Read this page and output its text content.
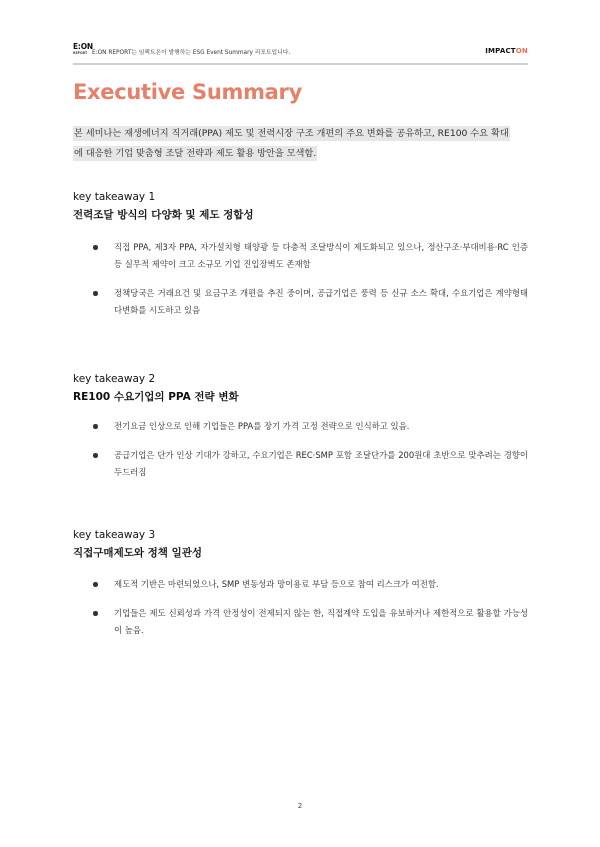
E:ON
REPORT E:ON REPORT는 임팩트온이 발행하는 ESG Event Summary 리포트입니다.	IMPACTON
Executive Summary

본 세미나는 재생에너지 직거래(PPA) 제도 및 전력시장 구조 개편의 주요 변화를 공유하고, RE100 수요 확대에 대응한 기업 맞춤형 조달 전략과 제도 활용 방안을 모색함.

key takeaway 1

전력조달 방식의 다양화 및 제도 정합성

직접 PPA, 제3자 PPA, 자가설치형 태양광 등 다층적 조달방식이 제도화되고 있으나, 정산구조·부대비용·RC 인증 등 실무적 제약이 크고 소규모 기업 진입장벽도 존재함
정책당국은 거래요건 및 요금구조 개편을 추진 중이며, 공급기업은 풍력 등 신규 소스 확대, 수요기업은 계약형태 다변화를 시도하고 있음

key takeaway 2

RE100 수요기업의 PPA 전략 변화

전기요금 인상으로 인해 기업들은 PPA를 장기 가격 고정 전략으로 인식하고 있음.
공급기업은 단가 인상 기대가 강하고, 수요기업은 REC·SMP 포함 조달단가를 200원대 초반으로 맞추려는 경향이 두드러짐

key takeaway 3

직접구매제도와 정책 일관성

제도적 기반은 마련되었으나, SMP 변동성과 망이용료 부담 등으로 참여 리스크가 여전함.
기업들은 제도 신뢰성과 가격 안정성이 전제되지 않는 한, 직접계약 도입을 유보하거나 제한적으로 활용할 가능성이 높음.
2
